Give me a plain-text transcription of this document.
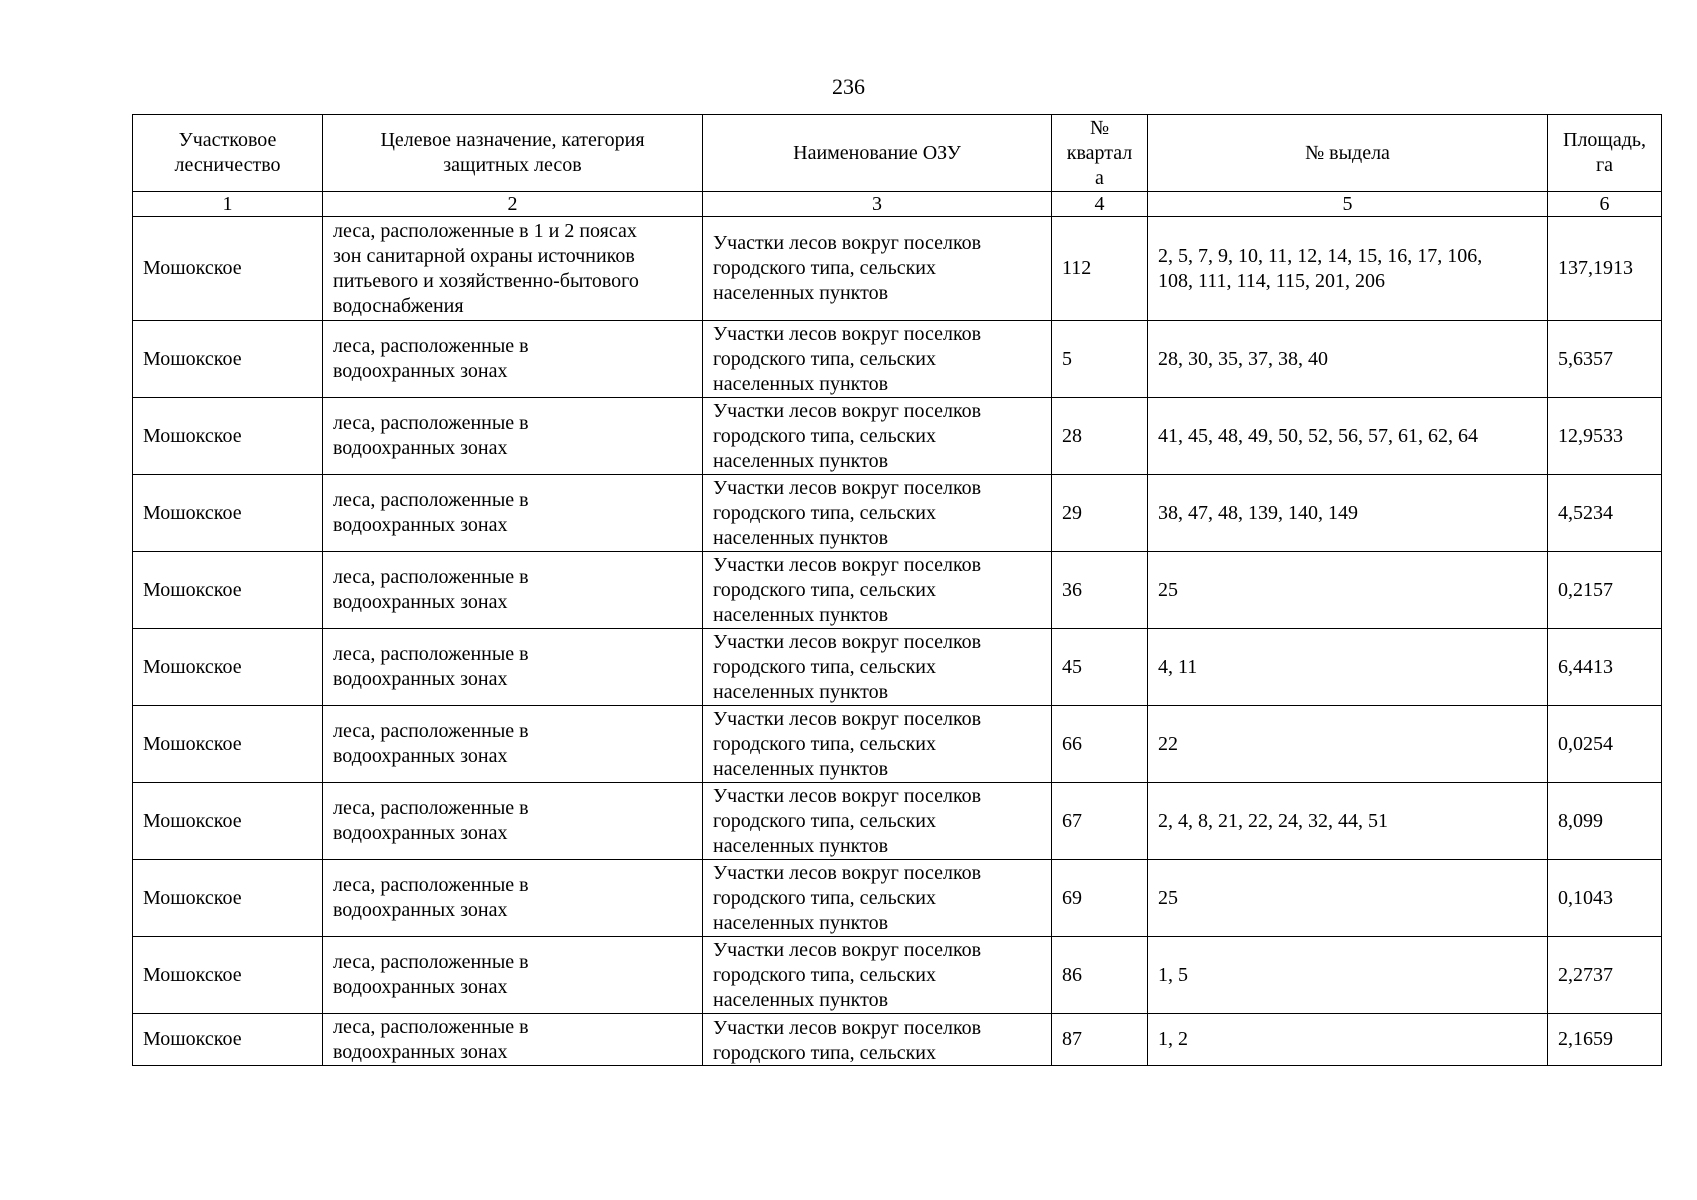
236
Участковое
лесничество	Целевое назначение, категория
защитных лесов	Наименование ОЗУ	№
квартал
а	№ выдела	Площадь,
га
1	2	3	4	5	6
Мошокское	леса, расположенные в 1 и 2 поясах
зон санитарной охраны источников
питьевого и хозяйственно-бытового
водоснабжения	Участки лесов вокруг поселков
городского типа, сельских
населенных пунктов	112	2, 5, 7, 9, 10, 11, 12, 14, 15, 16, 17, 106,
108, 111, 114, 115, 201, 206	137,1913
Мошокское	леса, расположенные в
водоохранных зонах	Участки лесов вокруг поселков
городского типа, сельских
населенных пунктов	5	28, 30, 35, 37, 38, 40	5,6357
Мошокское	леса, расположенные в
водоохранных зонах	Участки лесов вокруг поселков
городского типа, сельских
населенных пунктов	28	41, 45, 48, 49, 50, 52, 56, 57, 61, 62, 64	12,9533
Мошокское	леса, расположенные в
водоохранных зонах	Участки лесов вокруг поселков
городского типа, сельских
населенных пунктов	29	38, 47, 48, 139, 140, 149	4,5234
Мошокское	леса, расположенные в
водоохранных зонах	Участки лесов вокруг поселков
городского типа, сельских
населенных пунктов	36	25	0,2157
Мошокское	леса, расположенные в
водоохранных зонах	Участки лесов вокруг поселков
городского типа, сельских
населенных пунктов	45	4, 11	6,4413
Мошокское	леса, расположенные в
водоохранных зонах	Участки лесов вокруг поселков
городского типа, сельских
населенных пунктов	66	22	0,0254
Мошокское	леса, расположенные в
водоохранных зонах	Участки лесов вокруг поселков
городского типа, сельских
населенных пунктов	67	2, 4, 8, 21, 22, 24, 32, 44, 51	8,099
Мошокское	леса, расположенные в
водоохранных зонах	Участки лесов вокруг поселков
городского типа, сельских
населенных пунктов	69	25	0,1043
Мошокское	леса, расположенные в
водоохранных зонах	Участки лесов вокруг поселков
городского типа, сельских
населенных пунктов	86	1, 5	2,2737
Мошокское	леса, расположенные в
водоохранных зонах	Участки лесов вокруг поселков
городского типа, сельских	87	1, 2	2,1659
